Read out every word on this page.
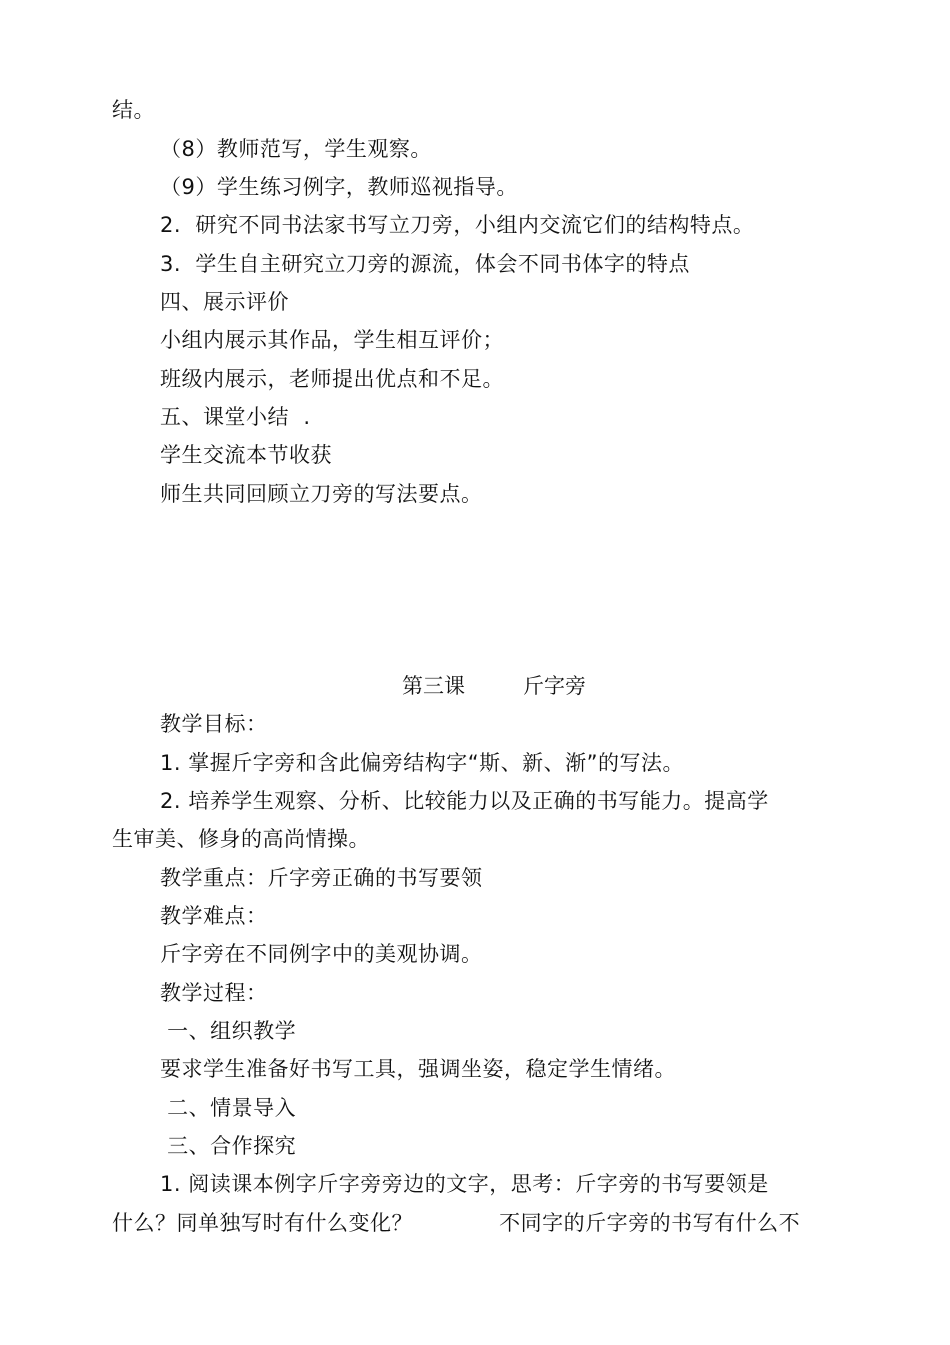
结。
（8）教师范写，学生观察。
（9）学生练习例字，教师巡视指导。
2.  研究不同书法家书写立刀旁，小组内交流它们的结构特点。
3.  学生自主研究立刀旁的源流，体会不同书体字的特点
四、展示评价
小组内展示其作品，学生相互评价；
班级内展示，老师提出优点和不足。
五、课堂小结  .
学生交流本节收获
师生共同回顾立刀旁的写法要点。
第三课	斤字旁
教学目标：
1. 掌握斤字旁和含此偏旁结构字“斯、新、渐”的写法。
2. 培养学生观察、分析、比较能力以及正确的书写能力。提高学
生审美、修身的高尚情操。
教学重点：斤字旁正确的书写要领
教学难点：
斤字旁在不同例字中的美观协调。
教学过程：
一、组织教学
要求学生准备好书写工具，强调坐姿，稳定学生情绪。
二、情景导入
三、合作探究
1. 阅读课本例字斤字旁旁边的文字，思考：斤字旁的书写要领是
什么？同单独写时有什么变化？            不同字的斤字旁的书写有什么不
